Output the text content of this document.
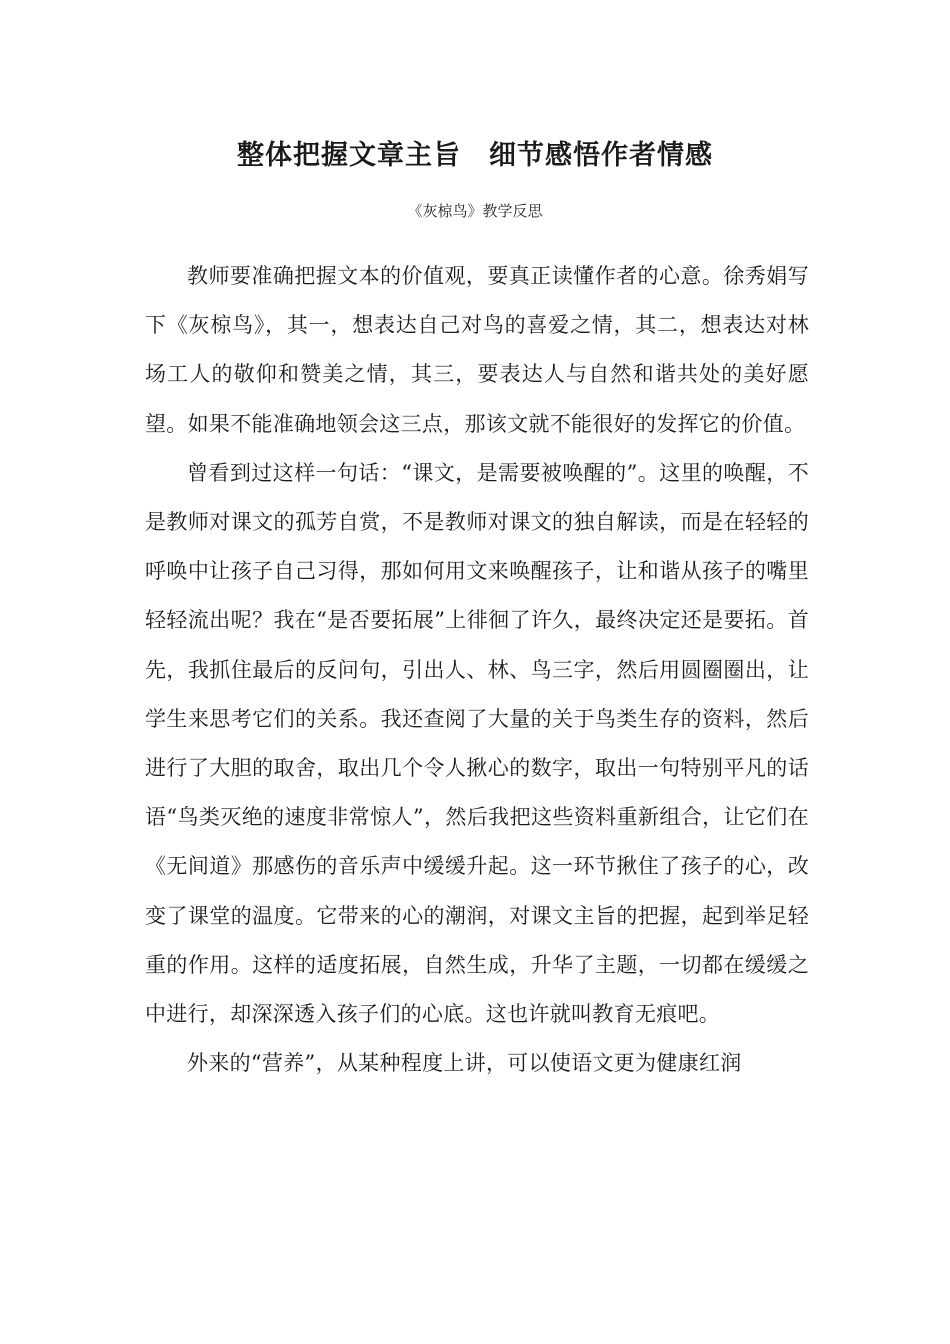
整体把握文章主旨　细节感悟作者情感

《灰椋鸟》教学反思

教师要准确把握文本的价值观，要真正读懂作者的心意。徐秀娟写下《灰椋鸟》，其一，想表达自己对鸟的喜爱之情，其二，想表达对林场工人的敬仰和赞美之情，其三，要表达人与自然和谐共处的美好愿望。如果不能准确地领会这三点，那该文就不能很好的发挥它的价值。

曾看到过这样一句话：“课文，是需要被唤醒的”。这里的唤醒，不是教师对课文的孤芳自赏，不是教师对课文的独自解读，而是在轻轻的呼唤中让孩子自己习得，那如何用文来唤醒孩子，让和谐从孩子的嘴里轻轻流出呢？我在“是否要拓展”上徘徊了许久，最终决定还是要拓。首先，我抓住最后的反问句，引出人、林、鸟三字，然后用圆圈圈出，让学生来思考它们的关系。我还查阅了大量的关于鸟类生存的资料，然后进行了大胆的取舍，取出几个令人揪心的数字，取出一句特别平凡的话语“鸟类灭绝的速度非常惊人”，然后我把这些资料重新组合，让它们在《无间道》那感伤的音乐声中缓缓升起。这一环节揪住了孩子的心，改变了课堂的温度。它带来的心的潮润，对课文主旨的把握，起到举足轻重的作用。这样的适度拓展，自然生成，升华了主题，一切都在缓缓之中进行，却深深透入孩子们的心底。这也许就叫教育无痕吧。

外来的“营养”，从某种程度上讲，可以使语文更为健康红润
